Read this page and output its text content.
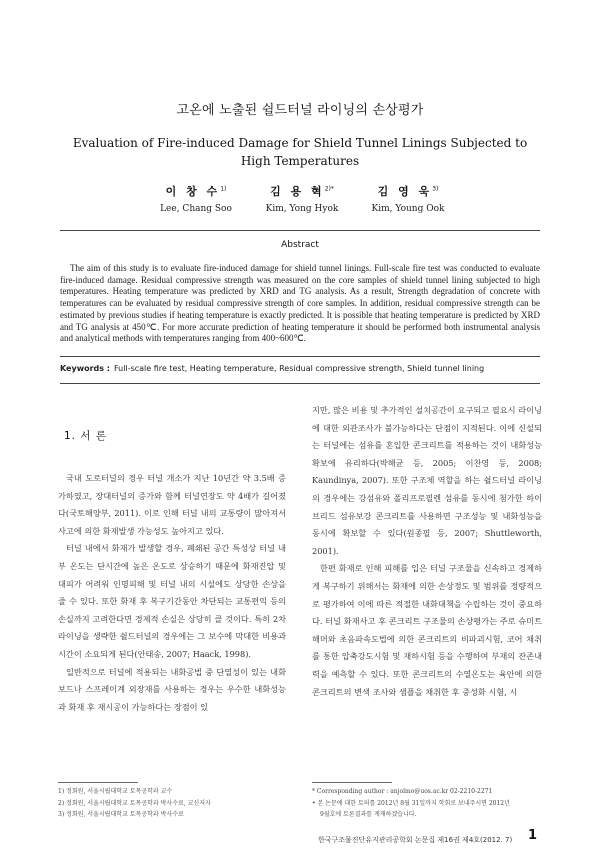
고온에 노출된 쉴드터널 라이닝의 손상평가
Evaluation of Fire-induced Damage for Shield Tunnel Linings Subjected to High Temperatures
이 창 수$^{1)}$
Lee, Chang Soo
김 용 혁$^{2)*}$
Kim, Yong Hyok
김 영 욱$^{3)}$
Kim, Young Ook
Abstract
The aim of this study is to evaluate fire-induced damage for shield tunnel linings. Full-scale fire test was conducted to evaluate fire-induced damage. Residual compressive strength was measured on the core samples of shield tunnel lining subjected to high temperatures. Heating temperature was predicted by XRD and TG analysis. As a result, Strength degradation of concrete with temperatures can be evaluated by residual compressive strength of core samples. In addition, residual compressive strength can be estimated by previous studies if heating temperature is exactly predicted. It is possible that heating temperature is predicted by XRD and TG analysis at 450℃. For more accurate prediction of heating temperature it should be performed both instrumental analysis and analytical methods with temperatures ranging from 400~600℃.
Keywords : Full-scale fire test, Heating temperature, Residual compressive strength, Shield tunnel lining
1. 서 론

국내 도로터널의 경우 터널 개소가 지난 10년간 약 3.5배 증가하였고, 장대터널의 증가와 함께 터널연장도 약 4배가 길어졌다(국토해양부, 2011). 이로 인해 터널 내의 교통량이 많아져서 사고에 의한 화재발생 가능성도 높아지고 있다.

터널 내에서 화재가 발생할 경우, 폐쇄된 공간 특성상 터널 내부 온도는 단시간에 높은 온도로 상승하기 때문에 화재진압 및 대피가 어려워 인명피해 및 터널 내의 시설에도 상당한 손상을 줄 수 있다. 또한 화재 후 복구기간동안 차단되는 교통편익 등의 손실까지 고려한다면 경제적 손실은 상당히 클 것이다. 특히 2차 라이닝을 생략한 쉴드터널의 경우에는 그 보수에 막대한 비용과 시간이 소요되게 된다(안태송, 2007; Haack, 1998).

일반적으로 터널에 적용되는 내화공법 중 단열성이 있는 내화보드나 스프레이계 외장재를 사용하는 경우는 우수한 내화성능과 화재 후 재시공이 가능하다는 장점이 있

지만, 많은 비용 및 추가적인 설치공간이 요구되고 필요시 라이닝에 대한 외관조사가 불가능하다는 단점이 지적된다. 이에 신설되는 터널에는 섬유를 혼입한 콘크리트를 적용하는 것이 내화성능 확보에 유리하다(박해균 등, 2005; 이찬영 등, 2008; Kaundinya, 2007). 또한 구조체 역할을 하는 쉴드터널 라이닝의 경우에는 강섬유와 폴리프로필렌 섬유를 동시에 첨가한 하이브리드 섬유보강 콘크리트를 사용하면 구조성능 및 내화성능을 동시에 확보할 수 있다(원종필 등, 2007; Shuttleworth, 2001).

한편 화재로 인해 피해를 입은 터널 구조물을 신속하고 경제하게 복구하기 위해서는 화재에 의한 손상정도 및 범위를 정량적으로 평가하여 이에 따른 적절한 내화대책을 수립하는 것이 중요하다. 터널 화재사고 후 콘크리트 구조물의 손상평가는 주로 슈미트해머와 초음파속도법에 의한 콘크리트의 비파괴시험, 코어 채취를 통한 압축강도시험 및 재하시험 등을 수행하여 부재의 잔존내력을 예측할 수 있다. 또한 콘크리트의 수열온도는 육안에 의한 콘크리트의 변색 조사와 샘플을 채취한 후 중성화 시험, 시

1) 정회원, 서울시립대학교 토목공학과 교수
2) 정회원, 서울시립대학교 토목공학과 박사수료, 교신저자
3) 정회원, 서울시립대학교 토목공학과 박사수료
* Corresponding author : anjolmo@uos.ac.kr 02-2210-2271
• 본 논문에 대한 토의를 2012년 8월 31일까지 학회로 보내주시면 2012년
9월호에 토론결과를 게재하겠습니다.
한국구조물진단유지관리공학회 논문집 제16권 제4호(2012. 7) 1
